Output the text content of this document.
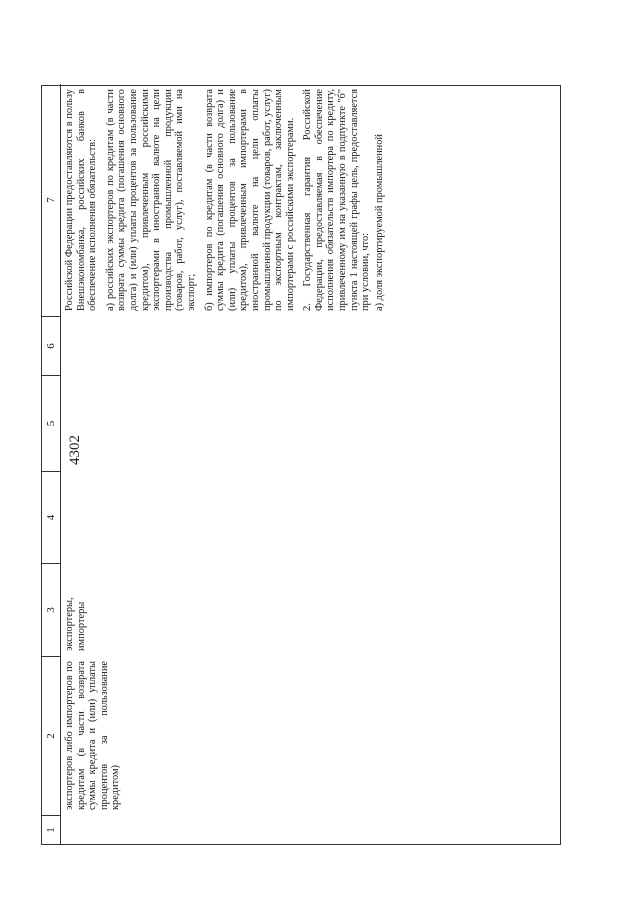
4302
1
2
3
4
5
6
7

экспортеров либо импортеров по кредитам (в части возврата суммы кредита и (или) уплаты процентов за пользование кредитом)

экспортеры, импортеры

Российской Федерации предоставляются в пользу Внешэкономбанка, российских банков в обеспечение исполнения обязательств: а) российских экспортеров по кредитам (в части возврата суммы кредита (погашения основного долга) и (или) уплаты процентов за пользование кредитом), привлеченным российскими экспортерами в иностранной валюте на цели производства промышленной продукции (товаров, работ, услуг), поставляемой ими на экспорт; б) импортеров по кредитам (в части возврата суммы кредита (погашения основного долга) и (или) уплаты процентов за пользование кредитом), привлеченным импортерами в иностранной валюте на цели оплаты промышленной продукции (товаров, работ, услуг) по экспортным контрактам, заключенным импортерами с российскими экспортерами. 2. Государственная гарантия Российской Федерации, предоставляемая в обеспечение исполнения обязательств импортера по кредиту, привлеченному им на указанную в подпункте "б" пункта 1 настоящей графы цель, предоставляется при условии, что: а) доля экспортируемой промышленной
